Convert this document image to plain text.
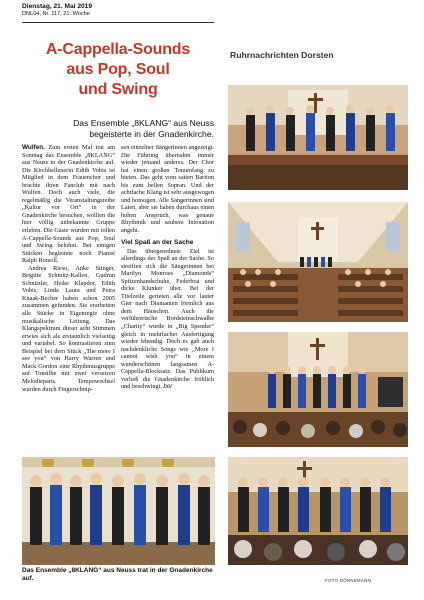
Dienstag, 21. Mai 2019
DNL04, Nr. 117, 21. Woche
Ruhrnachrichten Dorsten
A-Cappella-Sounds
aus Pop, Soul
und Swing
Das Ensemble „8KLANG“ aus Neuss
begeisterte in der Gnadenkirche.

Wulfen. Zum ersten Mal trat am Sonntag das Ensemble „8KLANG“ aus Neuss in der Gnadenkirche auf. Die Kirchhellenerin Edith Vobis ist Mitglied in dem Frauenchor und brachte ihren Fanclub mit nach Wulfen. Doch auch viele, die regelmäßig die Veranstaltungsreihe „Kultur vor Ort“ in der Gnadenkirche besuchen, wollten die hier völlig unbekannte Gruppe erleben. Die Gäste wurden mit tollen A-Cappella-Sounds aus Pop, Soul und Swing belohnt. Bei einigen Stücken begleitete noch Pianist Ralph Rotzoll.

Andrea Rieso, Anke Stinger, Brigitte Schmitz-Kallen, Gudrun Schnitzler, Heike Klapdor, Edith Vobis, Linda Laura und Petra Knaak-Becher haben schon 2005 zusammen gefunden. Sie erarbeiten alle Stücke in Eigenregie ohne musikalische Leitung. Das Klangspektrum dieser acht Stimmen erwies sich als erstaunlich vielseitig und variabel. So kontrastieren zum Beispiel bei dem Stück „The more I see you“ von Harry Warren und Mack Gordon eine Rhythmusgruppe auf Tonsilbe mit zwei versetzen Melodieparts. Tempowechsel wurden durch Fingerschnip-

sen einzelner Sängerinnen angezeigt. Die Führung übernahm immer wieder jemand anderes. Der Chor hat einen großen Tonumfang zu bieten. Das geht vom satten Bariton bis zum hellen Sopran. Und der achtfache Klang ist sehr ausgewogen und homogen. Alle Sängerinnen sind Laien, aber sie haben durchaus einen hohen Anspruch, was genaue Rhythmik und saubere Intonation angeht.

Viel Spaß an der Sache

Das übergeordnete Ziel ist allerdings der Spaß an der Sache. So streiften sich die Sängerinnen bei Marilyn Monroes „Diamonds“ Spitzenhandschuhe, Federboa und dicke Klunker über. Bei der Titelzeile gerieten alle vor lauter Gier nach Diamanten förmlich aus dem Häuschen. Auch die verführerische Bordsteinschwalbe „Charity“ wurde in „Big Spender“ gleich in mehrfacher Ausfertigung wieder lebendig. Doch es gab auch nachdenkliche Songs wie „More I cannot wish you“ in einem wunderschönen langsamen A-Cappella-Blocksatz. Das Publikum verließ die Gnadenkirche fröhlich und beschwingt. bor

Das Ensemble „8KLANG“ aus Neuss trat in der Gnadenkirche auf.	FOTO DÖRNEMANN
